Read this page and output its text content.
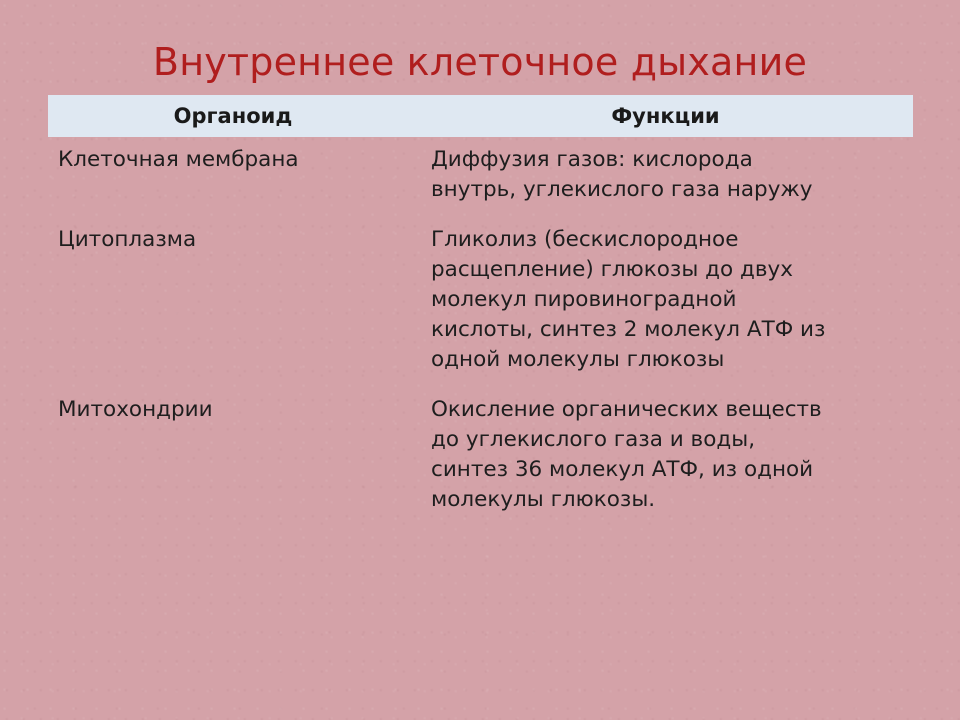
Внутреннее клеточное дыхание
Органоид	Функции
Клеточная мембрана	Диффузия газов: кислорода
внутрь, углекислого газа наружу
Цитоплазма	Гликолиз (бескислородное
расщепление) глюкозы до двух
молекул пировиноградной
кислоты, синтез 2 молекул АТФ из
одной молекулы глюкозы
Митохондрии	Окисление органических веществ
до углекислого газа и воды,
синтез 36 молекул АТФ, из одной
молекулы глюкозы.
